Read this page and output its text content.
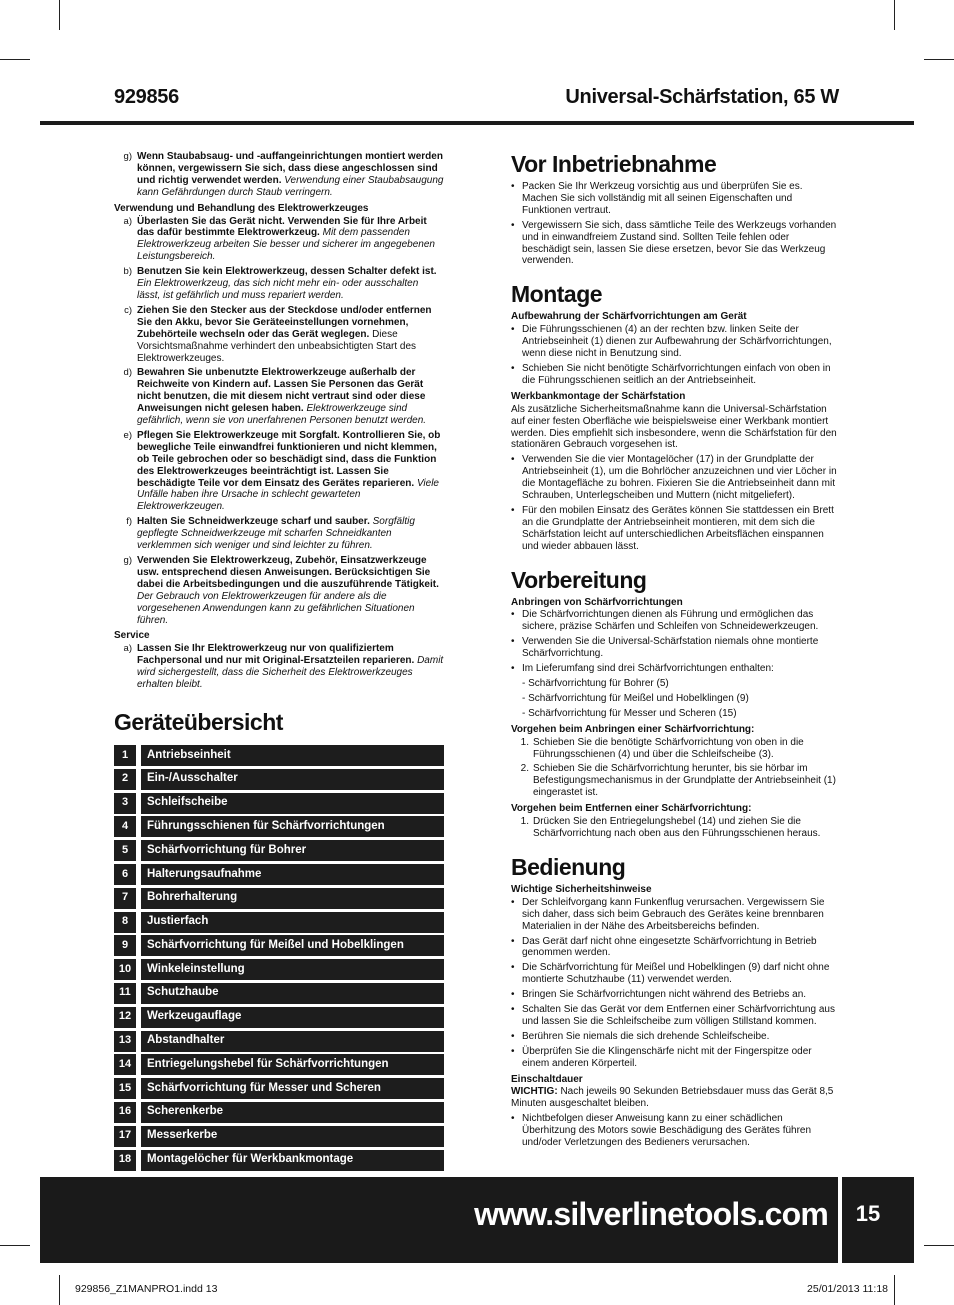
929856	Universal-Schärfstation, 65 W
g) Wenn Staubabsaug- und -auffangeinrichtungen montiert werden können, vergewissern Sie sich, dass diese angeschlossen sind und richtig verwendet werden. Verwendung einer Staubabsaugung kann Gefährdungen durch Staub verringern.
Verwendung und Behandlung des Elektrowerkzeuges
a) Überlasten Sie das Gerät nicht. Verwenden Sie für Ihre Arbeit das dafür bestimmte Elektrowerkzeug. Mit dem passenden Elektrowerkzeug arbeiten Sie besser und sicherer im angegebenen Leistungsbereich.
b) Benutzen Sie kein Elektrowerkzeug, dessen Schalter defekt ist. Ein Elektrowerkzeug, das sich nicht mehr ein- oder ausschalten lässt, ist gefährlich und muss repariert werden.
c) Ziehen Sie den Stecker aus der Steckdose und/oder entfernen Sie den Akku, bevor Sie Geräteeinstellungen vornehmen, Zubehörteile wechseln oder das Gerät weglegen. Diese Vorsichtsmaßnahme verhindert den unbeabsichtigten Start des Elektrowerkzeuges.
d) Bewahren Sie unbenutzte Elektrowerkzeuge außerhalb der Reichweite von Kindern auf. Lassen Sie Personen das Gerät nicht benutzen, die mit diesem nicht vertraut sind oder diese Anweisungen nicht gelesen haben. Elektrowerkzeuge sind gefährlich, wenn sie von unerfahrenen Personen benutzt werden.
e) Pflegen Sie Elektrowerkzeuge mit Sorgfalt. Kontrollieren Sie, ob bewegliche Teile einwandfrei funktionieren und nicht klemmen, ob Teile gebrochen oder so beschädigt sind, dass die Funktion des Elektrowerkzeuges beeinträchtigt ist. Lassen Sie beschädigte Teile vor dem Einsatz des Gerätes reparieren. Viele Unfälle haben ihre Ursache in schlecht gewarteten Elektrowerkzeugen.
f) Halten Sie Schneidwerkzeuge scharf und sauber. Sorgfältig gepflegte Schneidwerkzeuge mit scharfen Schneidkanten verklemmen sich weniger und sind leichter zu führen.
g) Verwenden Sie Elektrowerkzeug, Zubehör, Einsatzwerkzeuge usw. entsprechend diesen Anweisungen. Berücksichtigen Sie dabei die Arbeitsbedingungen und die auszuführende Tätigkeit. Der Gebrauch von Elektrowerkzeugen für andere als die vorgesehenen Anwendungen kann zu gefährlichen Situationen führen.
Service
a) Lassen Sie Ihr Elektrowerkzeug nur von qualifiziertem Fachpersonal und nur mit Original-Ersatzteilen reparieren. Damit wird sichergestellt, dass die Sicherheit des Elektrowerkzeuges erhalten bleibt.
Geräteübersicht
1	Antriebseinheit
2	Ein-/Ausschalter
3	Schleifscheibe
4	Führungsschienen für Schärfvorrichtungen
5	Schärfvorrichtung für Bohrer
6	Halterungsaufnahme
7	Bohrerhalterung
8	Justierfach
9	Schärfvorrichtung für Meißel und Hobelklingen
10	Winkeleinstellung
11	Schutzhaube
12	Werkzeugauflage
13	Abstandhalter
14	Entriegelungshebel für Schärfvorrichtungen
15	Schärfvorrichtung für Messer und Scheren
16	Scherenkerbe
17	Messerkerbe
18	Montagelöcher für Werkbankmontage
Vor Inbetriebnahme
• Packen Sie Ihr Werkzeug vorsichtig aus und überprüfen Sie es. Machen Sie sich vollständig mit all seinen Eigenschaften und Funktionen vertraut.
• Vergewissern Sie sich, dass sämtliche Teile des Werkzeugs vorhanden und in einwandfreiem Zustand sind. Sollten Teile fehlen oder beschädigt sein, lassen Sie diese ersetzen, bevor Sie das Werkzeug verwenden.
Montage
Aufbewahrung der Schärfvorrichtungen am Gerät
• Die Führungsschienen (4) an der rechten bzw. linken Seite der Antriebseinheit (1) dienen zur Aufbewahrung der Schärfvorrichtungen, wenn diese nicht in Benutzung sind.
• Schieben Sie nicht benötigte Schärfvorrichtungen einfach von oben in die Führungsschienen seitlich an der Antriebseinheit.
Werkbankmontage der Schärfstation
Als zusätzliche Sicherheitsmaßnahme kann die Universal-Schärfstation auf einer festen Oberfläche wie beispielsweise einer Werkbank montiert werden. Dies empfiehlt sich insbesondere, wenn die Schärfstation für den stationären Gebrauch vorgesehen ist.
• Verwenden Sie die vier Montagelöcher (17) in der Grundplatte der Antriebseinheit (1), um die Bohrlöcher anzuzeichnen und vier Löcher in die Montagefläche zu bohren. Fixieren Sie die Antriebseinheit dann mit Schrauben, Unterlegscheiben und Muttern (nicht mitgeliefert).
• Für den mobilen Einsatz des Gerätes können Sie stattdessen ein Brett an die Grundplatte der Antriebseinheit montieren, mit dem sich die Schärfstation leicht auf unterschiedlichen Arbeitsflächen einspannen und wieder abbauen lässt.
Vorbereitung
Anbringen von Schärfvorrichtungen
• Die Schärfvorrichtungen dienen als Führung und ermöglichen das sichere, präzise Schärfen und Schleifen von Schneidewerkzeugen.
• Verwenden Sie die Universal-Schärfstation niemals ohne montierte Schärfvorrichtung.
• Im Lieferumfang sind drei Schärfvorrichtungen enthalten:
- Schärfvorrichtung für Bohrer (5)
- Schärfvorrichtung für Meißel und Hobelklingen (9)
- Schärfvorrichtung für Messer und Scheren (15)
Vorgehen beim Anbringen einer Schärfvorrichtung:
1. Schieben Sie die benötigte Schärfvorrichtung von oben in die Führungsschienen (4) und über die Schleifscheibe (3).
2. Schieben Sie die Schärfvorrichtung herunter, bis sie hörbar im Befestigungsmechanismus in der Grundplatte der Antriebseinheit (1) eingerastet ist.
Vorgehen beim Entfernen einer Schärfvorrichtung:
1. Drücken Sie den Entriegelungshebel (14) und ziehen Sie die Schärfvorrichtung nach oben aus den Führungsschienen heraus.
Bedienung
Wichtige Sicherheitshinweise
• Der Schleifvorgang kann Funkenflug verursachen. Vergewissern Sie sich daher, dass sich beim Gebrauch des Gerätes keine brennbaren Materialien in der Nähe des Arbeitsbereichs befinden.
• Das Gerät darf nicht ohne eingesetzte Schärfvorrichtung in Betrieb genommen werden.
• Die Schärfvorrichtung für Meißel und Hobelklingen (9) darf nicht ohne montierte Schutzhaube (11) verwendet werden.
• Bringen Sie Schärfvorrichtungen nicht während des Betriebs an.
• Schalten Sie das Gerät vor dem Entfernen einer Schärfvorrichtung aus und lassen Sie die Schleifscheibe zum völligen Stillstand kommen.
• Berühren Sie niemals die sich drehende Schleifscheibe.
• Überprüfen Sie die Klingenschärfe nicht mit der Fingerspitze oder einem anderen Körperteil.
Einschaltdauer
WICHTIG: Nach jeweils 90 Sekunden Betriebsdauer muss das Gerät 8,5 Minuten ausgeschaltet bleiben.
• Nichtbefolgen dieser Anweisung kann zu einer schädlichen Überhitzung des Motors sowie Beschädigung des Gerätes führen und/oder Verletzungen des Bedieners verursachen.
www.silverlinetools.com	15
929856_Z1MANPRO1.indd 13	25/01/2013 11:18
